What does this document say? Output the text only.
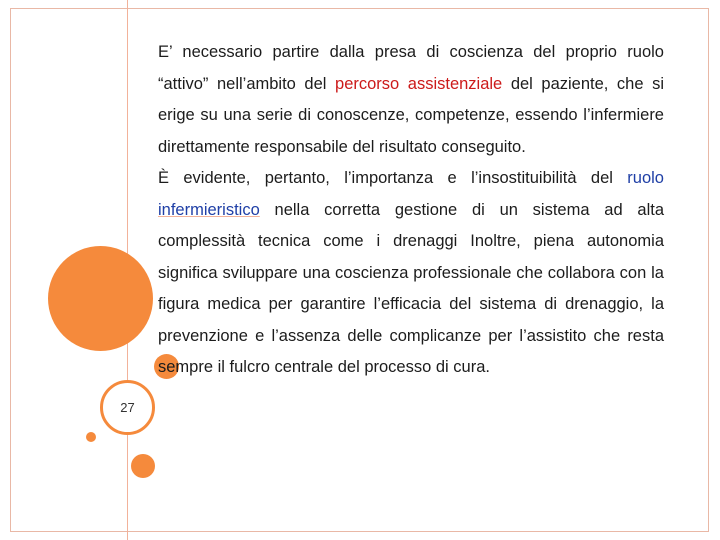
27

E’ necessario partire dalla presa di coscienza del proprio ruolo “attivo” nell’ambito del percorso assistenziale del paziente, che si erige su una serie di conoscenze, competenze, essendo l’infermiere direttamente responsabile del risultato conseguito.

È evidente, pertanto, l’importanza e l’insostituibilità del ruolo infermieristico nella corretta gestione di un sistema ad alta complessità tecnica come i drenaggi Inoltre, piena autonomia significa sviluppare una coscienza professionale che collabora con la figura medica per garantire l’efficacia del sistema di drenaggio, la prevenzione e l’assenza delle complicanze per l’assistito che resta sempre il fulcro centrale del processo di cura.
